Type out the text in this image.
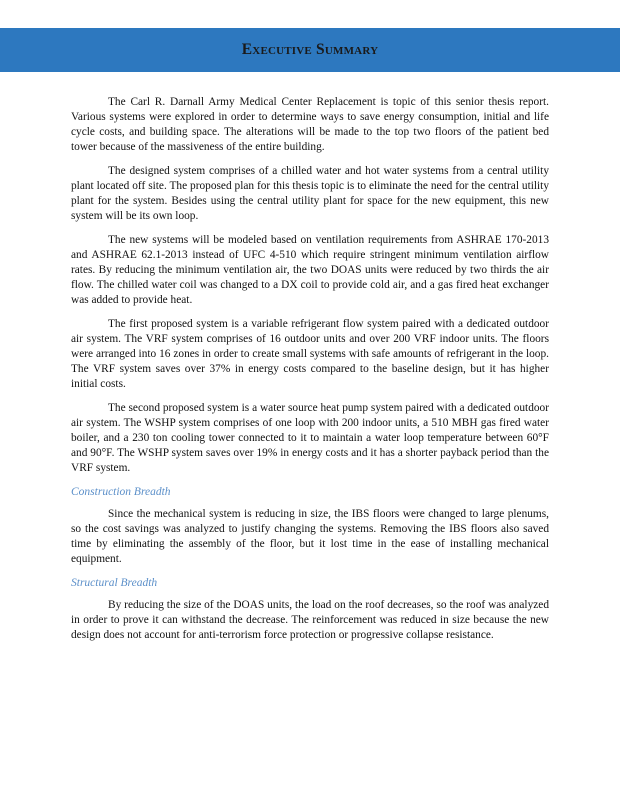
Executive Summary

The Carl R. Darnall Army Medical Center Replacement is topic of this senior thesis report. Various systems were explored in order to determine ways to save energy consumption, initial and life cycle costs, and building space. The alterations will be made to the top two floors of the patient bed tower because of the massiveness of the entire building.

The designed system comprises of a chilled water and hot water systems from a central utility plant located off site. The proposed plan for this thesis topic is to eliminate the need for the central utility plant for the system. Besides using the central utility plant for space for the new equipment, this new system will be its own loop.

The new systems will be modeled based on ventilation requirements from ASHRAE 170-2013 and ASHRAE 62.1-2013 instead of UFC 4-510 which require stringent minimum ventilation airflow rates. By reducing the minimum ventilation air, the two DOAS units were reduced by two thirds the air flow. The chilled water coil was changed to a DX coil to provide cold air, and a gas fired heat exchanger was added to provide heat.

The first proposed system is a variable refrigerant flow system paired with a dedicated outdoor air system. The VRF system comprises of 16 outdoor units and over 200 VRF indoor units. The floors were arranged into 16 zones in order to create small systems with safe amounts of refrigerant in the loop. The VRF system saves over 37% in energy costs compared to the baseline design, but it has higher initial costs.

The second proposed system is a water source heat pump system paired with a dedicated outdoor air system. The WSHP system comprises of one loop with 200 indoor units, a 510 MBH gas fired water boiler, and a 230 ton cooling tower connected to it to maintain a water loop temperature between 60°F and 90°F. The WSHP system saves over 19% in energy costs and it has a shorter payback period than the VRF system.

Construction Breadth

Since the mechanical system is reducing in size, the IBS floors were changed to large plenums, so the cost savings was analyzed to justify changing the systems. Removing the IBS floors also saved time by eliminating the assembly of the floor, but it lost time in the ease of installing mechanical equipment.

Structural Breadth

By reducing the size of the DOAS units, the load on the roof decreases, so the roof was analyzed in order to prove it can withstand the decrease. The reinforcement was reduced in size because the new design does not account for anti-terrorism force protection or progressive collapse resistance.
